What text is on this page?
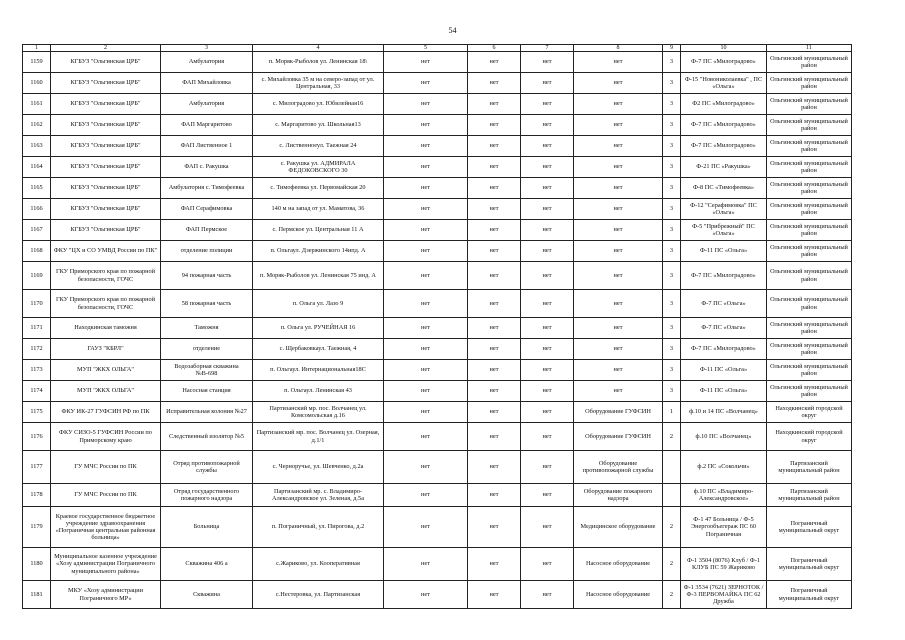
54
1	2	3	4	5	6	7	8	9	10	11
1159	КГБУЗ "Ольгинская ЦРБ"	Амбулатория	п. Моряк-Рыболов ул. Ленинская 18\	нет	нет	нет	нет	3	Ф-7 ПС «Милоградово»	Ольгинский муниципальный район
1160	КГБУЗ "Ольгинская ЦРБ"	ФАП Михайловка	с. Михайловка 35 м на северо-запад от ул. Центральная, 33	нет	нет	нет	нет	3	Ф-15 "Новониколаевка" , ПС «Ольга»	Ольгинский муниципальный район
1161	КГБУЗ "Ольгинская ЦРБ"	Амбулатория	с. Милоградово ул. Юбилейная16	нет	нет	нет	нет	3	Ф2 ПС «Милоградово»	Ольгинский муниципальный район
1162	КГБУЗ "Ольгинская ЦРБ"	ФАП Маргаритово	с. Маргаритово ул. Школьная13	нет	нет	нет	нет	3	Ф-7 ПС «Милоградово»	Ольгинский муниципальный район
1163	КГБУЗ "Ольгинская ЦРБ"	ФАП Лиственное 1	с. Лиственноеул. Таежная 24	нет	нет	нет	нет	3	Ф-7 ПС «Милоградово»	Ольгинский муниципальный район
1164	КГБУЗ "Ольгинская ЦРБ"	ФАП с. Ракушка	с. Ракушка ул. АДМИРАЛА ФЕДОКОВСКОГО 30	нет	нет	нет	нет	3	Ф-21 ПС «Ракушка»	Ольгинский муниципальный район
1165	КГБУЗ "Ольгинская ЦРБ"	Амбулатория с. Тимофеевка	с. Тимофеевка ул. Первомайская 20	нет	нет	нет	нет	3	Ф-8 ПС «Тимофеевка»	Ольгинский муниципальный район
1166	КГБУЗ "Ольгинская ЦРБ"	ФАП Серафимовка	140 м на запад от ул. Маматова, 36	нет	нет	нет	нет	3	Ф-12 "Серафимовка" ПС «Ольга»	Ольгинский муниципальный район
1167	КГБУЗ "Ольгинская ЦРБ"	ФАП Пермское	с. Пермское ул. Центральная 11 А	нет	нет	нет	нет	3	Ф-5 "Прибрежный" ПС «Ольга»	Ольгинский муниципальный район
1168	ФКУ "ЦХ и СО УМВД России по ПК"	отделение полиции	п. Ольгаул. Дзержинского 14ипд. А	нет	нет	нет	нет	3	Ф-11 ПС «Ольга»	Ольгинский муниципальный район
1169	ГКУ Приморского края по пожарной безопасности, ГОЧС	94 пожарная часть	п. Моряк-Рыболов ул. Ленинская 75 инд. А	нет	нет	нет	нет	3	Ф-7 ПС «Милоградово»	Ольгинский муниципальный район
1170	ГКУ Приморского края по пожарной безопасности, ГОЧС	58 пожарная часть	п. Ольга ул. Лазо 9	нет	нет	нет	нет	3	Ф-7 ПС «Ольга»	Ольгинский муниципальный район
1171	Находкинская таможня	Таможня	п. Ольга ул. РУЧЕЙНАЯ 16	нет	нет	нет	нет	3	Ф-7 ПС «Ольга»	Ольгинский муниципальный район
1172	ГАУЗ "КБРЛ"	отделение	с. Щербаковкаул. Таежная, 4	нет	нет	нет	нет	3	Ф-7 ПС «Милоградово»	Ольгинский муниципальный район
1173	МУП "ЖКХ ОЛЬГА"	Водозаборная скважина №В-698	п. Ольгаул. Интернациональная18С	нет	нет	нет	нет	3	Ф-11 ПС «Ольга»	Ольгинский муниципальный район
1174	МУП "ЖКХ ОЛЬГА"	Насосная станция	п. Ольгаул. Ленинская 43	нет	нет	нет	нет	3	Ф-11 ПС «Ольга»	Ольгинский муниципальный район
1175	ФКУ ИК-27 ГУФСИН РФ по ПК	Исправительная колония №27	Партизанский мр. пос. Волчанец ул. Комсомольская д.16	нет	нет	нет	Оборудование ГУФСИН	1	ф.10 и 14 ПС «Волчанец»	Находкинский городской округ
1176	ФКУ СИЗО-5 ГУФСИН России по Приморскому краю	Следственный изолятор №5	Партизанский мр. пос. Волчанец ул. Озерная, д.1/1	нет	нет	нет	Оборудование ГУФСИН	2	ф.10 ПС «Волчанец»	Находкинский городской округ
1177	ГУ МЧС России по ПК	Отряд противопожарной службы	с. Черноручье, ул. Шевченко, д.2а	нет	нет	нет	Оборудование противопожарной службы		ф.2 ПС «Сокольчи»	Партизанский муниципальный район
1178	ГУ МЧС России по ПК	Отряд государственного пожарного надзора	Партизанский мр. с. Владимиро-Александровское ул. Зеленая, д.5а	нет	нет	нет	Оборудование пожарного надзора		ф.10 ПС «Владимиро-Александровское»	Партизанский муниципальный район
1179	Краевое государственное бюджетное учреждение здравоохранения «Пограничная центральная районная больница»	Больница	п. Пограничный, ул. Пирогова, д.2	нет	нет	нет	Медицинское оборудование	2	Ф-1 47 Больница / Ф-5 Энергообъегераж ПС 60 Пограничная	Пограничный муниципальный округ
1180	Муниципальное казенное учреждение «Хозу администрации Пограничного муниципального района»	Скважина 406 а	с.Жариково, ул. Кооперативная	нет	нет	нет	Насосное оборудование	2	Ф-1 3504 (8076) Клуб / Ф-1 КЛУБ ПС 59 Жариково	Пограничный муниципальный округ
1181	МКУ «Хозу администрации Пограничного МР»	Скважина	с.Нестеровка, ул. Партизанская	нет	нет	нет	Насосное оборудование	2	Ф-1 3534 (7621) ЗЕРНОТОК / Ф-3 ПЕРВОМАЙКА ПС 62 Дружба	Пограничный муниципальный округ
